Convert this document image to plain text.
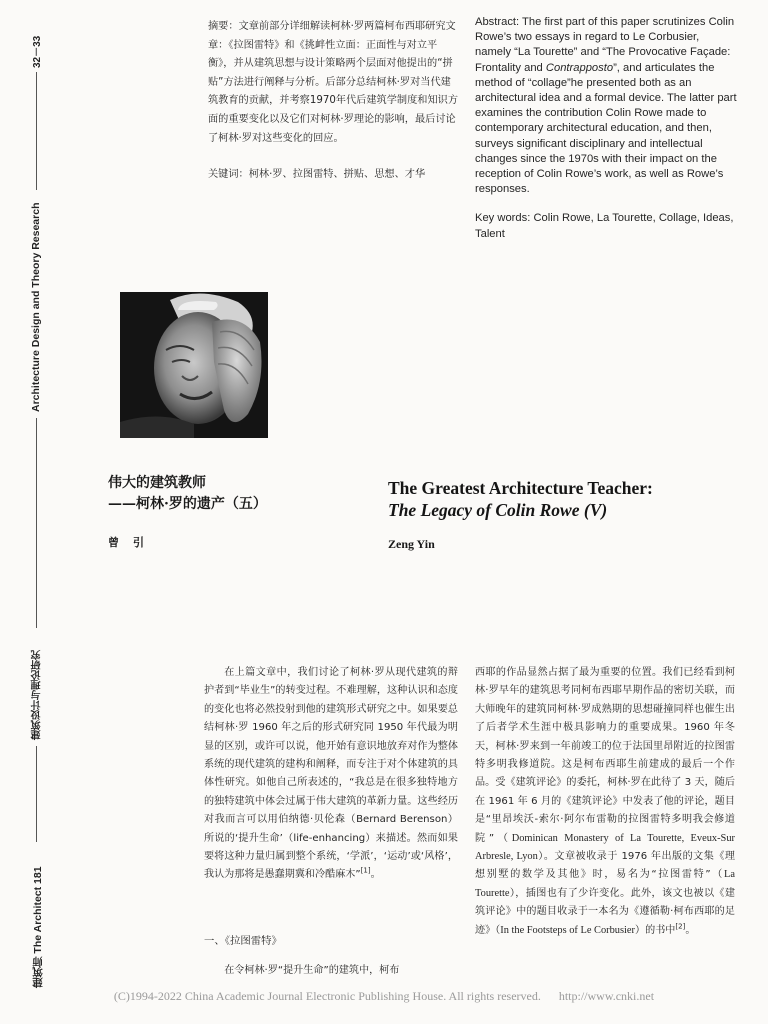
32－33
Architecture Design and Theory Research
建筑设计与理论研究
建筑师 The Architect 181

摘要：文章前部分详细解读柯林·罗两篇柯布西耶研究文章：《拉图雷特》和《挑衅性立面：正面性与对立平衡》，并从建筑思想与设计策略两个层面对他提出的“拼贴”方法进行阐释与分析。后部分总结柯林·罗对当代建筑教育的贡献，并考察1970年代后建筑学制度和知识方面的重要变化以及它们对柯林·罗理论的影响，最后讨论了柯林·罗对这些变化的回应。

关键词：柯林·罗、拉图雷特、拼贴、思想、才华

Abstract: The first part of this paper scrutinizes Colin Rowe’s two essays in regard to Le Corbusier, namely “La Tourette” and “The Provocative Façade: Frontality and Contrapposto”, and articulates the method of “collage”he presented both as an architectural idea and a formal device. The latter part examines the contribution Colin Rowe made to contemporary architectural education, and then, surveys significant disciplinary and intellectual changes since the 1970s with their impact on the reception of Colin Rowe’s work, as well as Rowe’s responses.

Key words: Colin Rowe, La Tourette, Collage, Ideas, Talent

伟大的建筑教师
——柯林·罗的遗产（五）
曾引
The Greatest Architecture Teacher:
The Legacy of Colin Rowe (V)
Zeng Yin

在上篇文章中，我们讨论了柯林·罗从现代建筑的辩护者到“毕业生”的转变过程。不难理解，这种认识和态度的变化也将必然投射到他的建筑形式研究之中。如果要总结柯林·罗 1960 年之后的形式研究同 1950 年代最为明显的区别，或许可以说，他开始有意识地放弃对作为整体系统的现代建筑的建构和阐释，而专注于对个体建筑的具体性研究。如他自己所表述的，“我总是在很多独特地方的独特建筑中体会过属于伟大建筑的革新力量。这些经历对我而言可以用伯纳德·贝伦森（Bernard Berenson）所说的‘提升生命’（life-enhancing）来描述。然而如果要将这种力量归属到整个系统，‘学派’，‘运动’或‘风格’，我认为那将是愚蠢期冀和冷酷麻木”[1]。

一、《拉图雷特》
在令柯林·罗“提升生命”的建筑中，柯布

西耶的作品显然占据了最为重要的位置。我们已经看到柯林·罗早年的建筑思考同柯布西耶早期作品的密切关联，而大师晚年的建筑同柯林·罗成熟期的思想碰撞同样也催生出了后者学术生涯中极具影响力的重要成果。1960 年冬天，柯林·罗来到一年前竣工的位于法国里昂附近的拉图雷特多明我修道院。这是柯布西耶生前建成的最后一个作品。受《建筑评论》的委托，柯林·罗在此待了 3 天，随后在 1961 年 6 月的《建筑评论》中发表了他的评论，题目是“里昂埃沃-索尔·阿尔布雷勒的拉图雷特多明我会修道院”（Dominican Monastery of La Tourette, Eveux-Sur Arbresle, Lyon）。文章被收录于 1976 年出版的文集《理想别墅的数学及其他》时，易名为“拉图雷特”（La Tourette），插图也有了少许变化。此外，该文也被以《建筑评论》中的题目收录于一本名为《遵循勒·柯布西耶的足迹》（In the Footsteps of Le Corbusier）的书中[2]。

(C)1994-2022 China Academic Journal Electronic Publishing House. All rights reserved. http://www.cnki.net
